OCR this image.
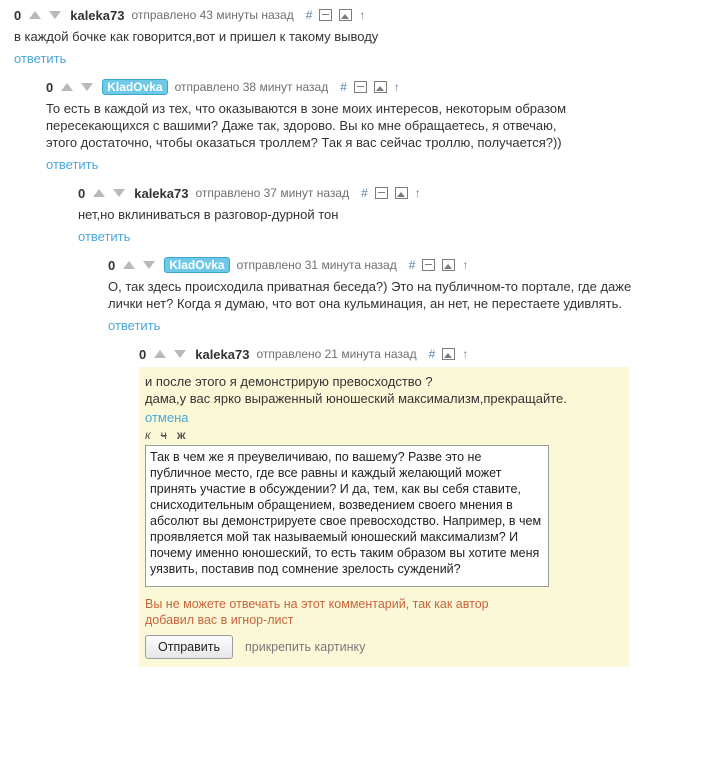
0	kaleka73 отправлено 43 минуты назад #	↑
в каждой бочке как говорится,вот и пришел к такому выводу
ответить
0	KladOvka	отправлено 38 минут назад #	↑
То есть в каждой из тех, что оказываются в зоне моих интересов, некоторым образом пересекающихся с вашими? Даже так, здорово. Вы ко мне обращаетесь, я отвечаю, этого достаточно, чтобы оказаться троллем? Так я вас сейчас троллю, получается?))
ответить
0	kaleka73 отправлено 37 минут назад #	↑
нет,но вклиниваться в разговор-дурной тон
ответить
0	KladOvka	отправлено 31 минута назад #	↑
О, так здесь происходила приватная беседа?) Это на публичном-то портале, где даже лички нет? Когда я думаю, что вот она кульминация, ан нет, не перестаете удивлять.
ответить
0	kaleka73 отправлено 21 минута назад # ↑
и после этого я демонстрирую превосходство ?
дама,у вас ярко выраженный юношеский максимализм,прекращайте.
отмена
к ч ж
Так в чем же я преувеличиваю, по вашему? Разве это не публичное место, где все равны и каждый желающий может принять участие в обсуждении? И да, тем, как вы себя ставите, снисходительным обращением, возведением своего мнения в абсолют вы демонстрируете свое превосходство. Например, в чем проявляется мой так называемый юношеский максимализм? И почему именно юношеский, то есть таким образом вы хотите меня уязвить, поставив под сомнение зрелость суждений?
Вы не можете отвечать на этот комментарий, так как автор добавил вас в игнор-лист
Отправить	прикрепить картинку
